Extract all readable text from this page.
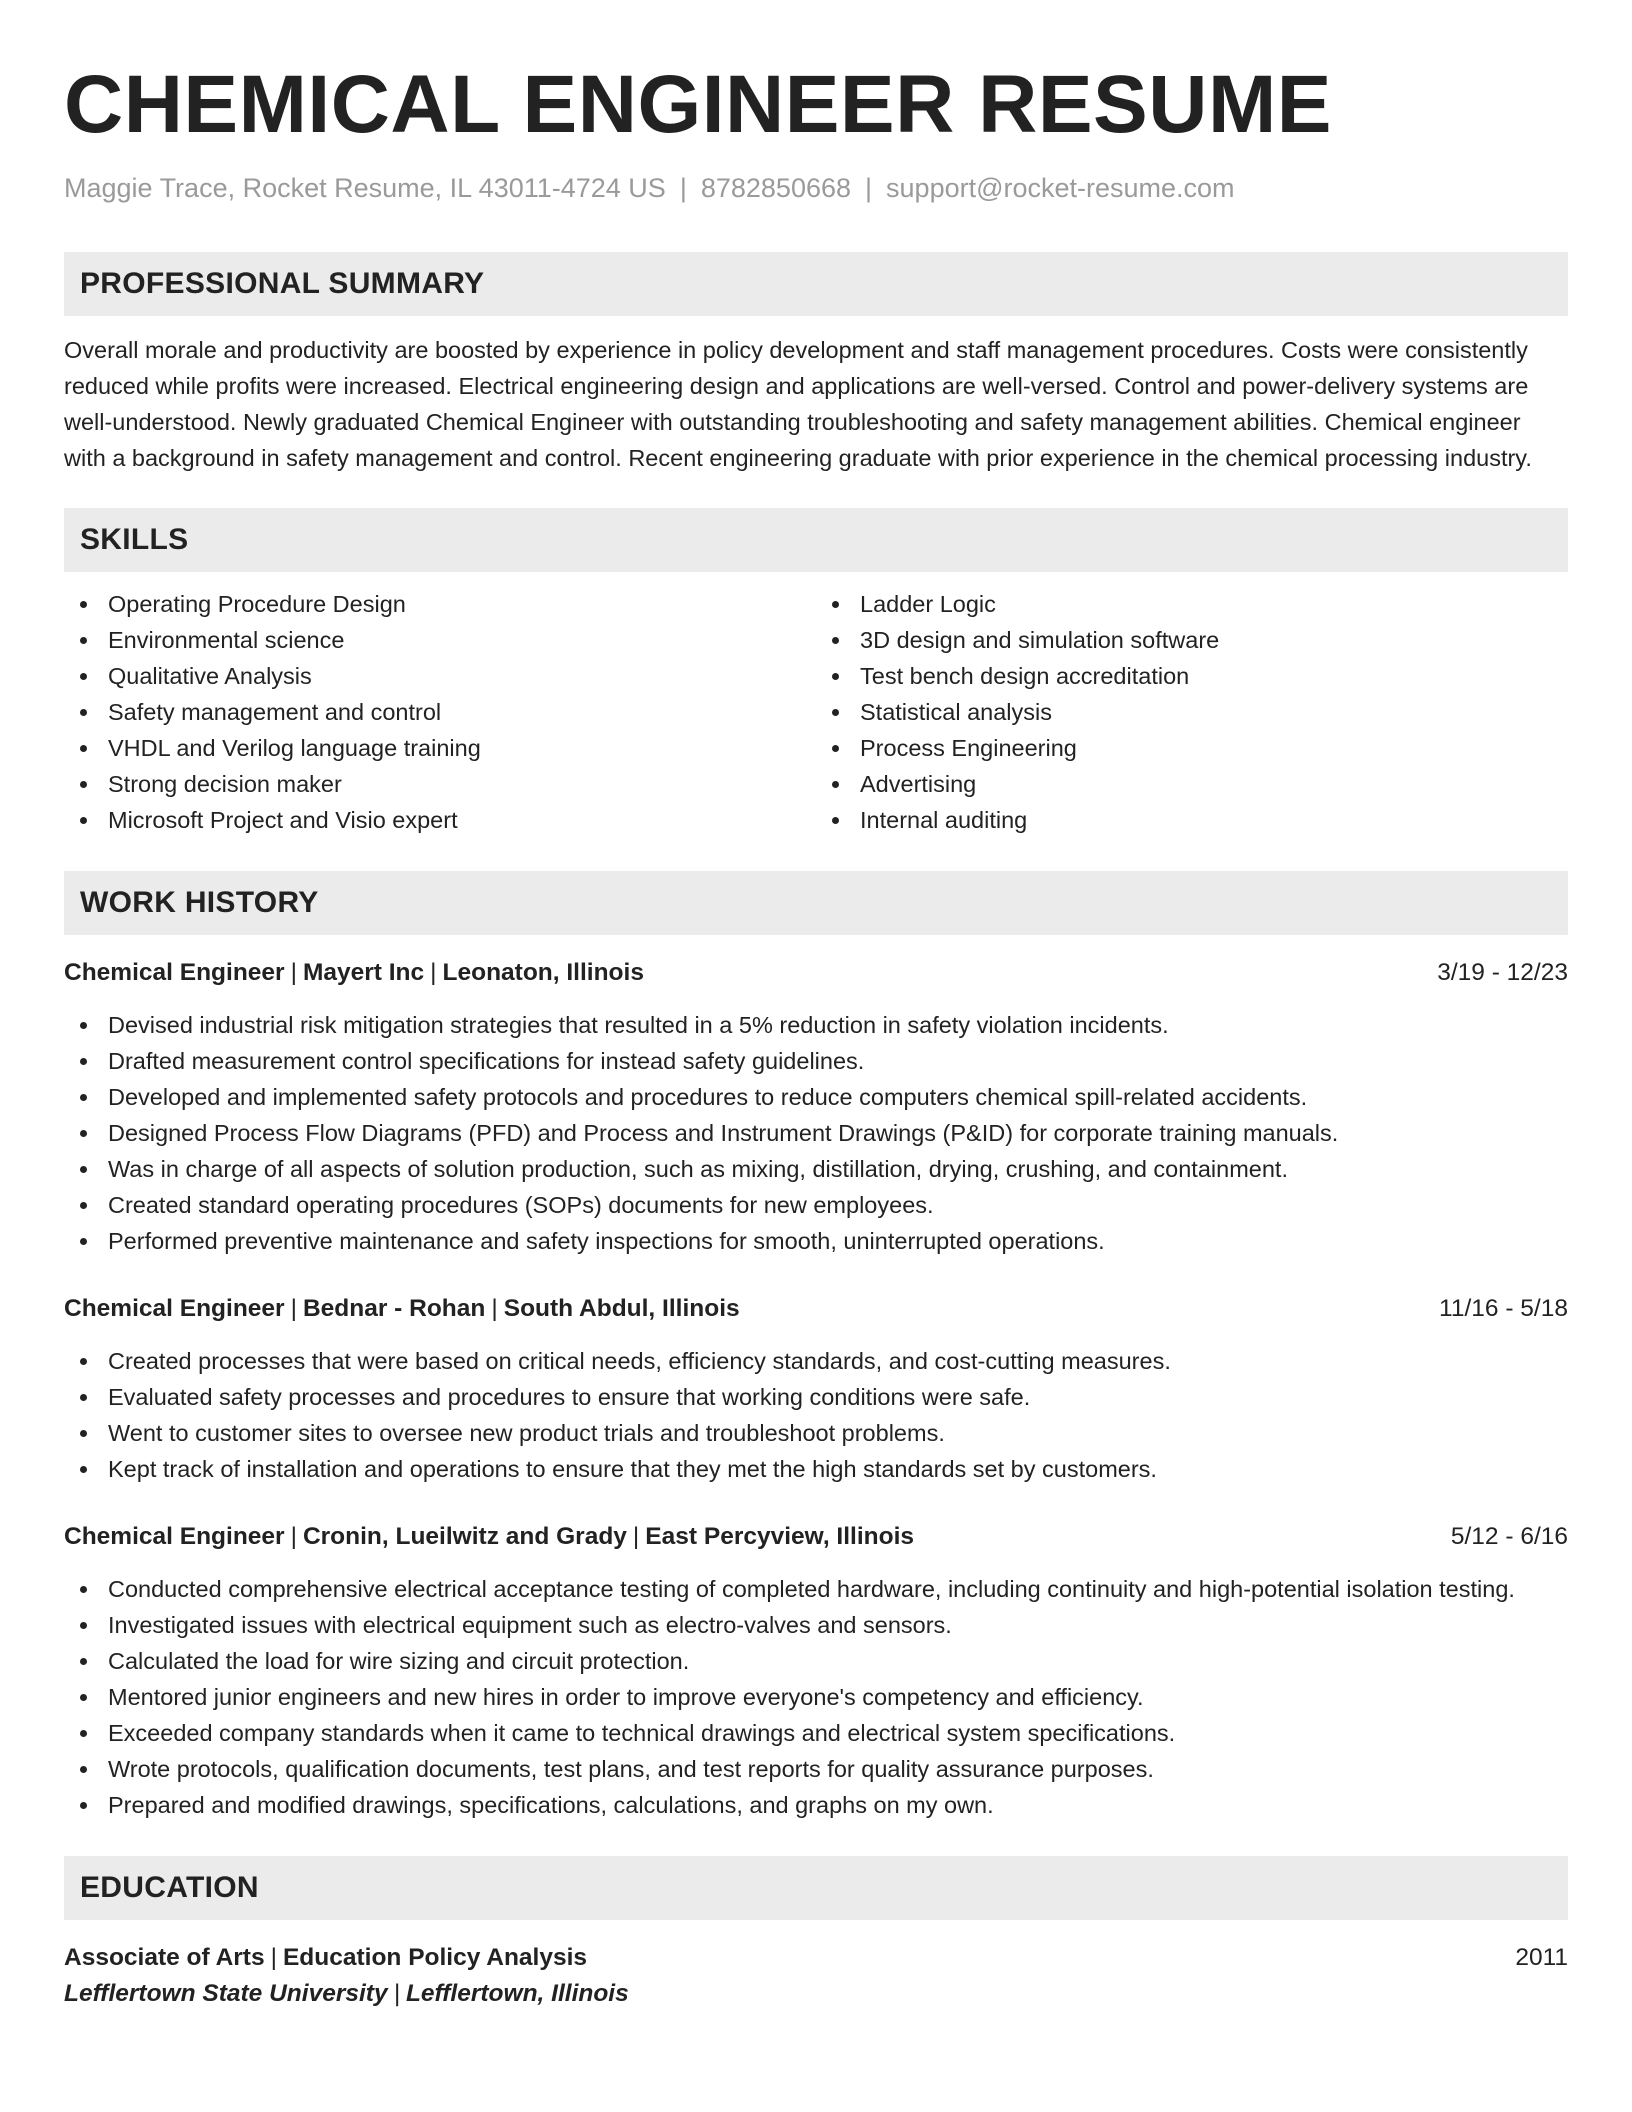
CHEMICAL ENGINEER RESUME
Maggie Trace, Rocket Resume, IL 43011-4724 US | 8782850668 | support@rocket-resume.com
PROFESSIONAL SUMMARY
Overall morale and productivity are boosted by experience in policy development and staff management procedures. Costs were consistently reduced while profits were increased. Electrical engineering design and applications are well-versed. Control and power-delivery systems are well-understood. Newly graduated Chemical Engineer with outstanding troubleshooting and safety management abilities. Chemical engineer with a background in safety management and control. Recent engineering graduate with prior experience in the chemical processing industry.
SKILLS
Operating Procedure Design
Environmental science
Qualitative Analysis
Safety management and control
VHDL and Verilog language training
Strong decision maker
Microsoft Project and Visio expert
Ladder Logic
3D design and simulation software
Test bench design accreditation
Statistical analysis
Process Engineering
Advertising
Internal auditing
WORK HISTORY
Chemical Engineer | Mayert Inc | Leonaton, Illinois	3/19 - 12/23
Devised industrial risk mitigation strategies that resulted in a 5% reduction in safety violation incidents.
Drafted measurement control specifications for instead safety guidelines.
Developed and implemented safety protocols and procedures to reduce computers chemical spill-related accidents.
Designed Process Flow Diagrams (PFD) and Process and Instrument Drawings (P&ID) for corporate training manuals.
Was in charge of all aspects of solution production, such as mixing, distillation, drying, crushing, and containment.
Created standard operating procedures (SOPs) documents for new employees.
Performed preventive maintenance and safety inspections for smooth, uninterrupted operations.
Chemical Engineer | Bednar - Rohan | South Abdul, Illinois	11/16 - 5/18
Created processes that were based on critical needs, efficiency standards, and cost-cutting measures.
Evaluated safety processes and procedures to ensure that working conditions were safe.
Went to customer sites to oversee new product trials and troubleshoot problems.
Kept track of installation and operations to ensure that they met the high standards set by customers.
Chemical Engineer | Cronin, Lueilwitz and Grady | East Percyview, Illinois	5/12 - 6/16
Conducted comprehensive electrical acceptance testing of completed hardware, including continuity and high-potential isolation testing.
Investigated issues with electrical equipment such as electro-valves and sensors.
Calculated the load for wire sizing and circuit protection.
Mentored junior engineers and new hires in order to improve everyone's competency and efficiency.
Exceeded company standards when it came to technical drawings and electrical system specifications.
Wrote protocols, qualification documents, test plans, and test reports for quality assurance purposes.
Prepared and modified drawings, specifications, calculations, and graphs on my own.
EDUCATION
Associate of Arts | Education Policy Analysis	2011
Lefflertown State University | Lefflertown, Illinois
